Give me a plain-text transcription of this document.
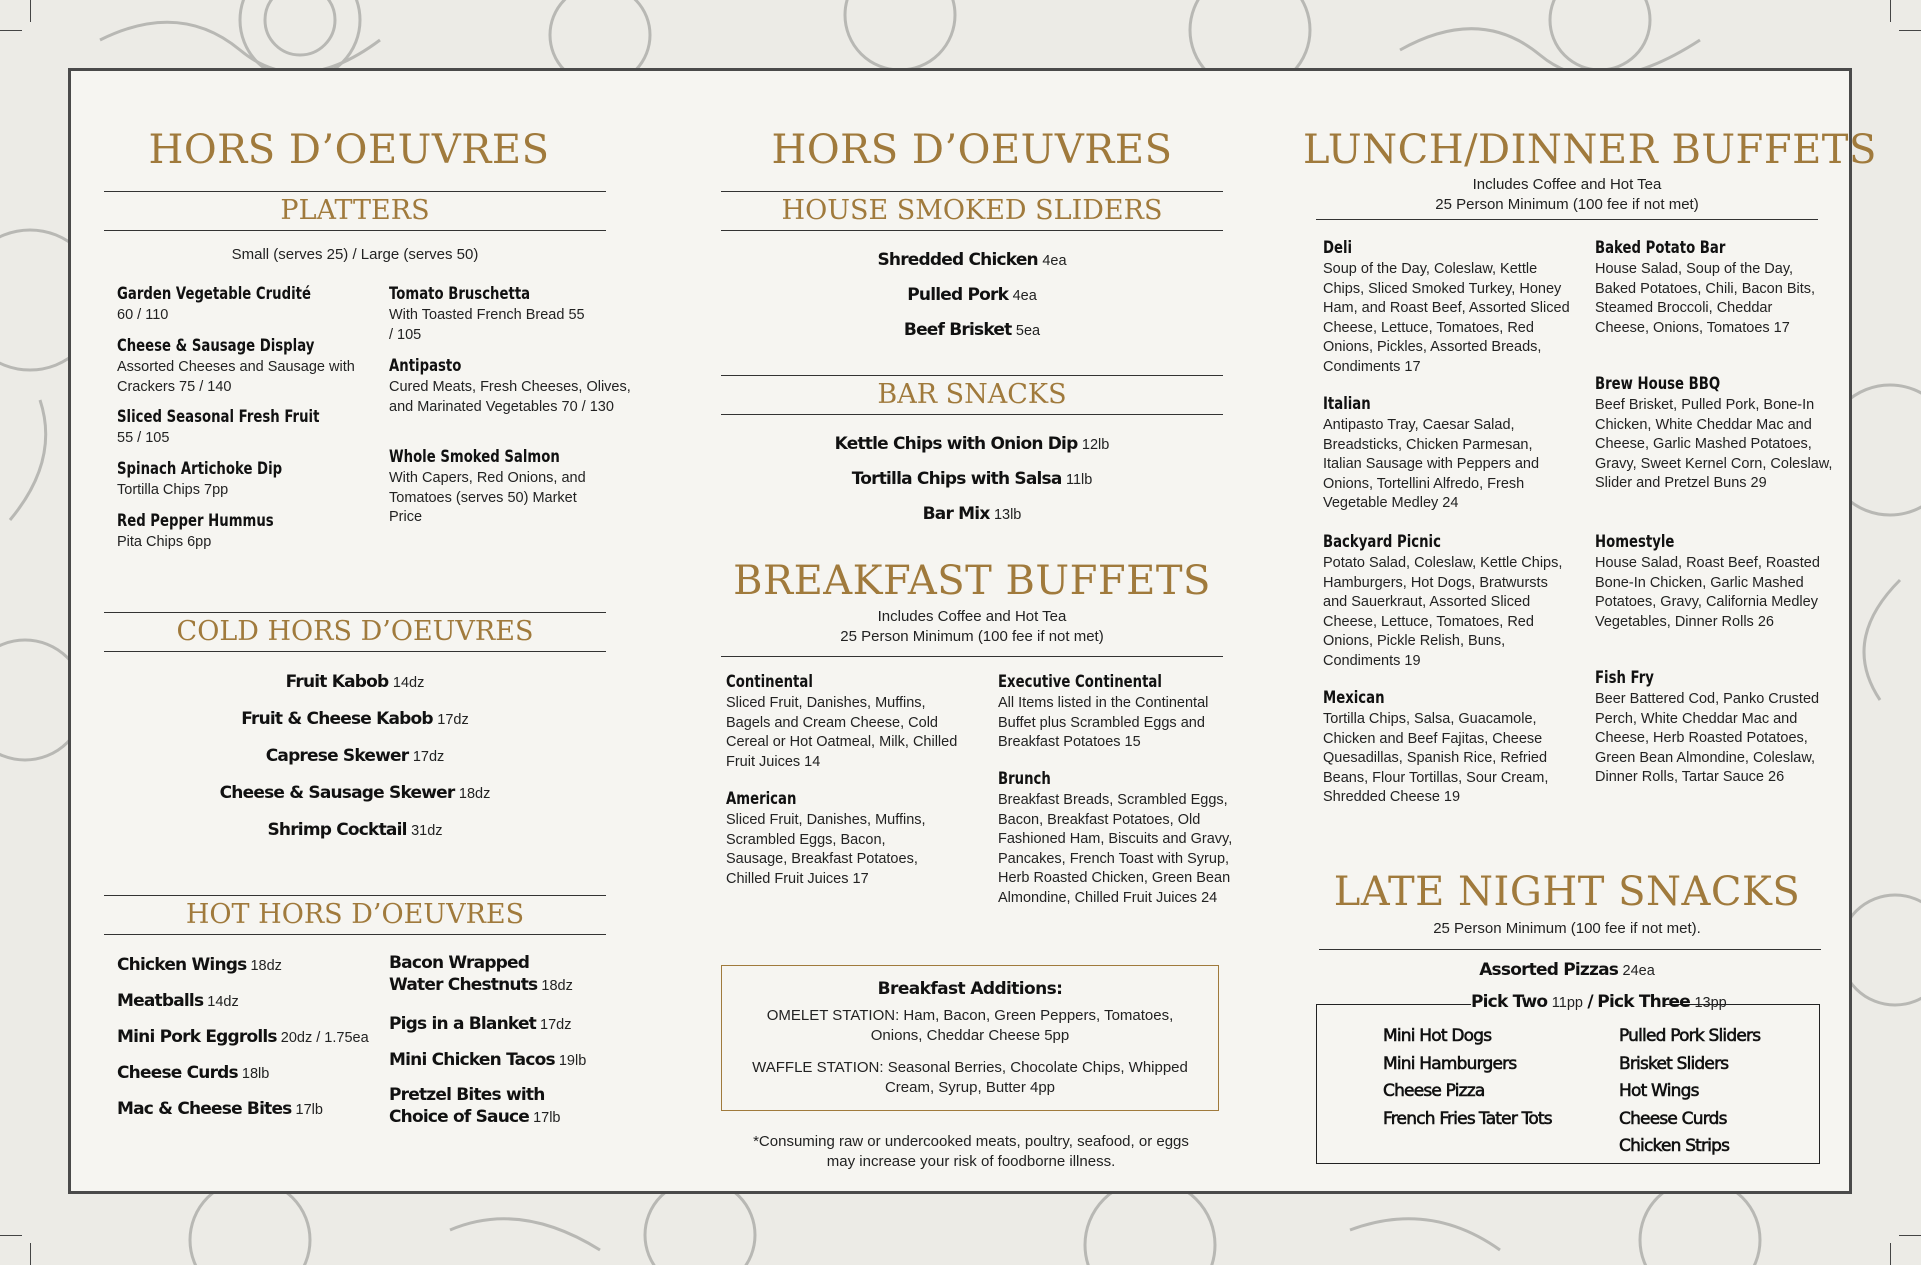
HORS D’OEUVRES
PLATTERS
Small (serves 25) / Large (serves 50)
Garden Vegetable Crudité
60 / 110
Cheese & Sausage Display
Assorted Cheeses and Sausage with Crackers 75 / 140
Sliced Seasonal Fresh Fruit
55 / 105
Spinach Artichoke Dip
Tortilla Chips 7pp
Red Pepper Hummus
Pita Chips 6pp
Tomato Bruschetta
With Toasted French Bread 55 / 105
Antipasto
Cured Meats, Fresh Cheeses, Olives, and Marinated Vegetables 70 / 130
Whole Smoked Salmon
With Capers, Red Onions, and Tomatoes (serves 50) Market Price
COLD HORS D’OEUVRES
Fruit Kabob 14dz
Fruit & Cheese Kabob 17dz
Caprese Skewer 17dz
Cheese & Sausage Skewer 18dz
Shrimp Cocktail 31dz
HOT HORS D’OEUVRES
Chicken Wings 18dz
Meatballs 14dz
Mini Pork Eggrolls 20dz / 1.75ea
Cheese Curds 18lb
Mac & Cheese Bites 17lb
Bacon Wrapped Water Chestnuts 18dz
Pigs in a Blanket 17dz
Mini Chicken Tacos 19lb
Pretzel Bites with Choice of Sauce 17lb
HORS D’OEUVRES
HOUSE SMOKED SLIDERS
Shredded Chicken 4ea
Pulled Pork 4ea
Beef Brisket 5ea
BAR SNACKS
Kettle Chips with Onion Dip 12lb
Tortilla Chips with Salsa 11lb
Bar Mix 13lb
BREAKFAST BUFFETS
Includes Coffee and Hot Tea
25 Person Minimum (100 fee if not met)
Continental
Sliced Fruit, Danishes, Muffins, Bagels and Cream Cheese, Cold Cereal or Hot Oatmeal, Milk, Chilled Fruit Juices 14
American
Sliced Fruit, Danishes, Muffins, Scrambled Eggs, Bacon, Sausage, Breakfast Potatoes, Chilled Fruit Juices 17
Executive Continental
All Items listed in the Continental Buffet plus Scrambled Eggs and Breakfast Potatoes 15
Brunch
Breakfast Breads, Scrambled Eggs, Bacon, Breakfast Potatoes, Old Fashioned Ham, Biscuits and Gravy, Pancakes, French Toast with Syrup, Herb Roasted Chicken, Green Bean Almondine, Chilled Fruit Juices 24
Breakfast Additions:
OMELET STATION: Ham, Bacon, Green Peppers, Tomatoes, Onions, Cheddar Cheese 5pp
WAFFLE STATION: Seasonal Berries, Chocolate Chips, Whipped Cream, Syrup, Butter 4pp
*Consuming raw or undercooked meats, poultry, seafood, or eggs may increase your risk of foodborne illness.
LUNCH/DINNER BUFFETS
Includes Coffee and Hot Tea
25 Person Minimum (100 fee if not met)
Deli
Soup of the Day, Coleslaw, Kettle Chips, Sliced Smoked Turkey, Honey Ham, and Roast Beef, Assorted Sliced Cheese, Lettuce, Tomatoes, Red Onions, Pickles, Assorted Breads, Condiments 17
Italian
Antipasto Tray, Caesar Salad, Breadsticks, Chicken Parmesan, Italian Sausage with Peppers and Onions, Tortellini Alfredo, Fresh Vegetable Medley 24
Backyard Picnic
Potato Salad, Coleslaw, Kettle Chips, Hamburgers, Hot Dogs, Bratwursts and Sauerkraut, Assorted Sliced Cheese, Lettuce, Tomatoes, Red Onions, Pickle Relish, Buns, Condiments 19
Mexican
Tortilla Chips, Salsa, Guacamole, Chicken and Beef Fajitas, Cheese Quesadillas, Spanish Rice, Refried Beans, Flour Tortillas, Sour Cream, Shredded Cheese 19
Baked Potato Bar
House Salad, Soup of the Day, Baked Potatoes, Chili, Bacon Bits, Steamed Broccoli, Cheddar Cheese, Onions, Tomatoes 17
Brew House BBQ
Beef Brisket, Pulled Pork, Bone-In Chicken, White Cheddar Mac and Cheese, Garlic Mashed Potatoes, Gravy, Sweet Kernel Corn, Coleslaw, Slider and Pretzel Buns 29
Homestyle
House Salad, Roast Beef, Roasted Bone-In Chicken, Garlic Mashed Potatoes, Gravy, California Medley Vegetables, Dinner Rolls 26
Fish Fry
Beer Battered Cod, Panko Crusted Perch, White Cheddar Mac and Cheese, Herb Roasted Potatoes, Green Bean Almondine, Coleslaw, Dinner Rolls, Tartar Sauce 26
LATE NIGHT SNACKS
25 Person Minimum (100 fee if not met).
Assorted Pizzas 24ea
Pick Two 11pp / Pick Three 13pp
Mini Hot Dogs Mini Hamburgers Cheese Pizza French Fries Tater Tots
Pulled Pork Sliders Brisket Sliders Hot Wings Cheese Curds Chicken Strips
